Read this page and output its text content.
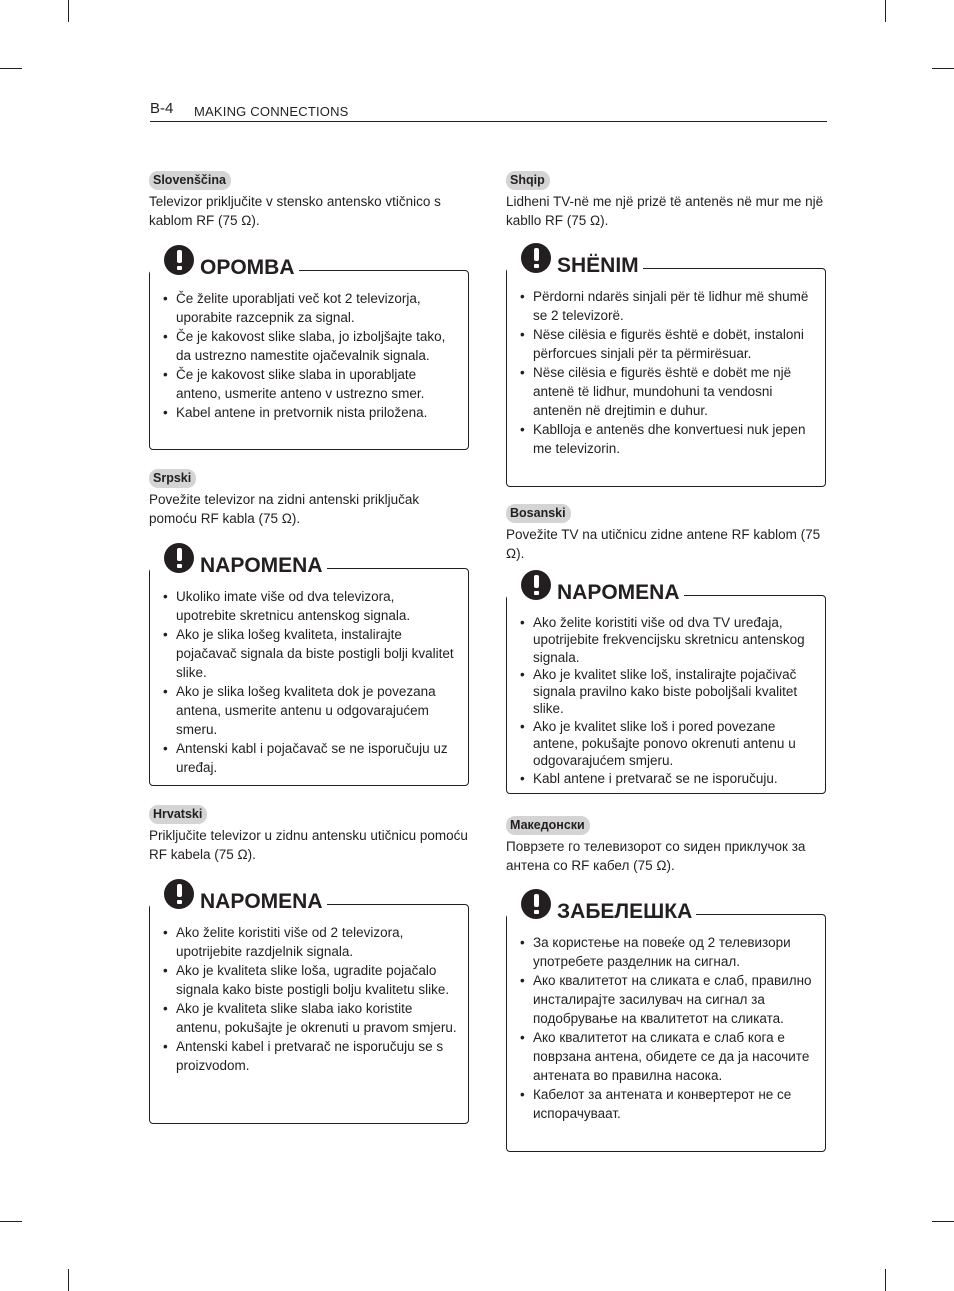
B-4 MAKING CONNECTIONS
Slovenščina
Televizor priključite v stensko antensko vtičnico s kablom RF (75 Ω).
OPOMBA
• Če želite uporabljati več kot 2 televizorja, uporabite razcepnik za signal.
• Če je kakovost slike slaba, jo izboljšajte tako, da ustrezno namestite ojačevalnik signala.
• Če je kakovost slike slaba in uporabljate anteno, usmerite anteno v ustrezno smer.
• Kabel antene in pretvornik nista priložena.
Srpski
Povežite televizor na zidni antenski priključak pomoću RF kabla (75 Ω).
NAPOMENA
• Ukoliko imate više od dva televizora, upotrebite skretnicu antenskog signala.
• Ako je slika lošeg kvaliteta, instalirajte pojačavač signala da biste postigli bolji kvalitet slike.
• Ako je slika lošeg kvaliteta dok je povezana antena, usmerite antenu u odgovarajućem smeru.
• Antenski kabl i pojačavač se ne isporučuju uz uređaj.
Hrvatski
Priključite televizor u zidnu antensku utičnicu pomoću RF kabela (75 Ω).
NAPOMENA
• Ako želite koristiti više od 2 televizora, upotrijebite razdjelnik signala.
• Ako je kvaliteta slike loša, ugradite pojačalo signala kako biste postigli bolju kvalitetu slike.
• Ako je kvaliteta slike slaba iako koristite antenu, pokušajte je okrenuti u pravom smjeru.
• Antenski kabel i pretvarač ne isporučuju se s proizvodom.
Shqip
Lidheni TV-në me një prizë të antenës në mur me një kabllo RF (75 Ω).
SHËNIM
• Përdorni ndarës sinjali për të lidhur më shumë se 2 televizorë.
• Nëse cilësia e figurës është e dobët, instaloni përforcues sinjali për ta përmirësuar.
• Nëse cilësia e figurës është e dobët me një antenë të lidhur, mundohuni ta vendosni antenën në drejtimin e duhur.
• Kablloja e antenës dhe konvertuesi nuk jepen me televizorin.
Bosanski
Povežite TV na utičnicu zidne antene RF kablom (75 Ω).
NAPOMENA
• Ako želite koristiti više od dva TV uređaja, upotrijebite frekvencijsku skretnicu antenskog signala.
• Ako je kvalitet slike loš, instalirajte pojačivač signala pravilno kako biste poboljšali kvalitet slike.
• Ako je kvalitet slike loš i pored povezane antene, pokušajte ponovo okrenuti antenu u odgovarajućem smjeru.
• Kabl antene i pretvarač se ne isporučuju.
Македонски
Поврзете го телевизорот со ѕиден приклучок за антена со RF кабел (75 Ω).
ЗАБЕЛЕШКА
• За користење на повеќе од 2 телевизори употребете разделник на сигнал.
• Ако квалитетот на сликата е слаб, правилно инсталирајте засилувач на сигнал за подобрување на квалитетот на сликата.
• Ако квалитетот на сликата е слаб кога е поврзана антена, обидете се да ја насочите антената во правилна насока.
• Кабелот за антената и конвертерот не се испорачуваат.
